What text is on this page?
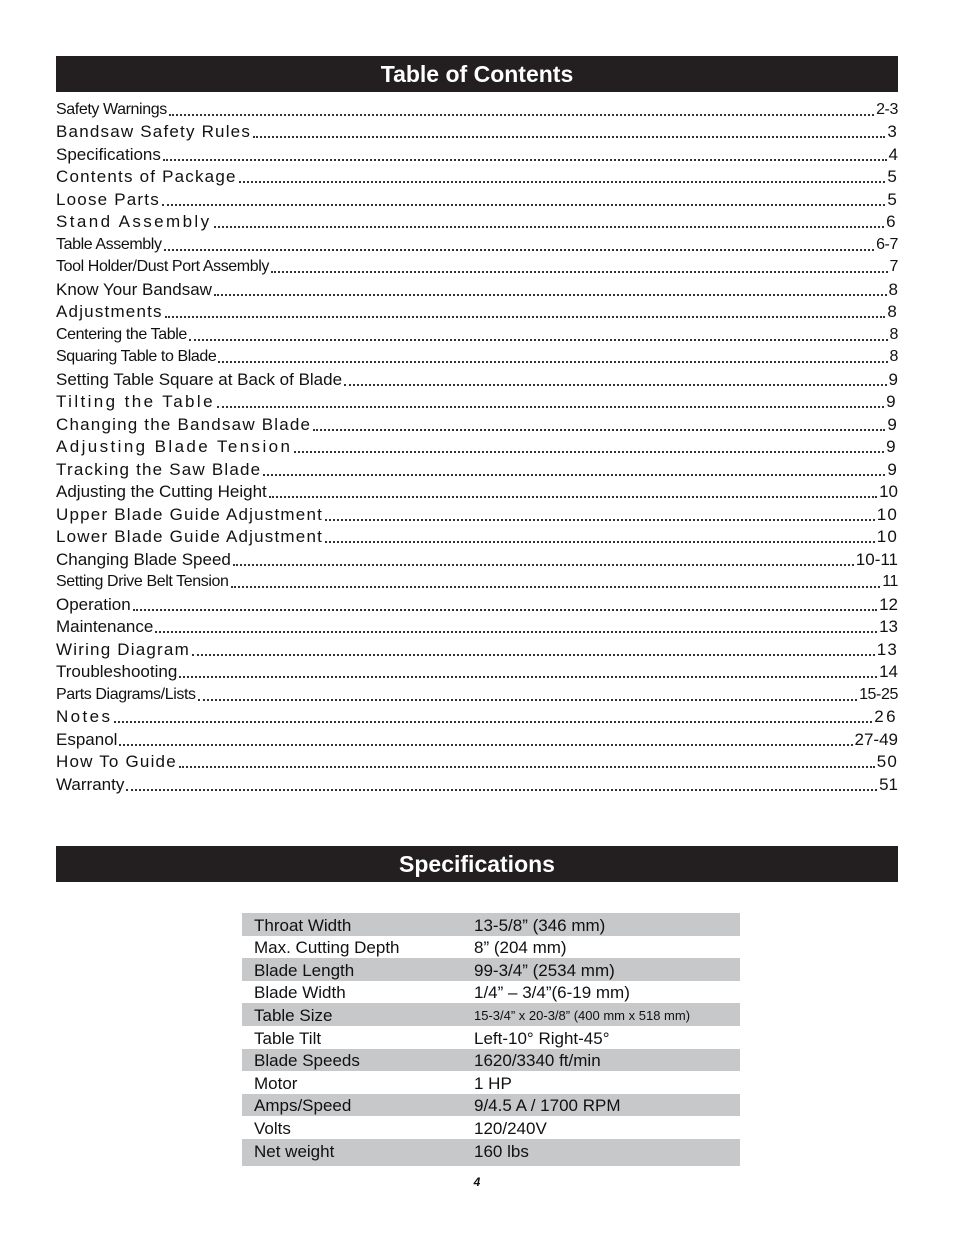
Table of Contents
Safety Warnings	2-3
Bandsaw Safety Rules	3
Specifications	4
Contents of Package	5
Loose Parts	5
Stand Assembly	6
Table Assembly	6-7
Tool Holder/Dust Port Assembly	7
Know Your Bandsaw	8
Adjustments	8
Centering the Table	8
Squaring Table to Blade	8
Setting Table Square at Back of Blade	9
Tilting the Table	9
Changing the Bandsaw Blade	9
Adjusting Blade Tension	9
Tracking the Saw Blade	9
Adjusting the Cutting Height	10
Upper Blade Guide Adjustment	10
Lower Blade Guide Adjustment	10
Changing Blade Speed	10-11
Setting Drive Belt Tension	11
Operation	12
Maintenance	13
Wiring Diagram	13
Troubleshooting	14
Parts Diagrams/Lists	15-25
Notes	26
Espanol	27-49
How To Guide	50
Warranty	51
Specifications
Throat Width	13-5/8” (346 mm)
Max. Cutting Depth	8” (204 mm)
Blade Length	99-3/4” (2534 mm)
Blade Width	1/4” – 3/4”(6-19 mm)
Table Size	15-3/4” x 20-3/8” (400 mm x 518 mm)
Table Tilt	Left-10° Right-45°
Blade Speeds	1620/3340 ft/min
Motor	1 HP
Amps/Speed	9/4.5 A / 1700 RPM
Volts	120/240V
Net weight	160 lbs
4
